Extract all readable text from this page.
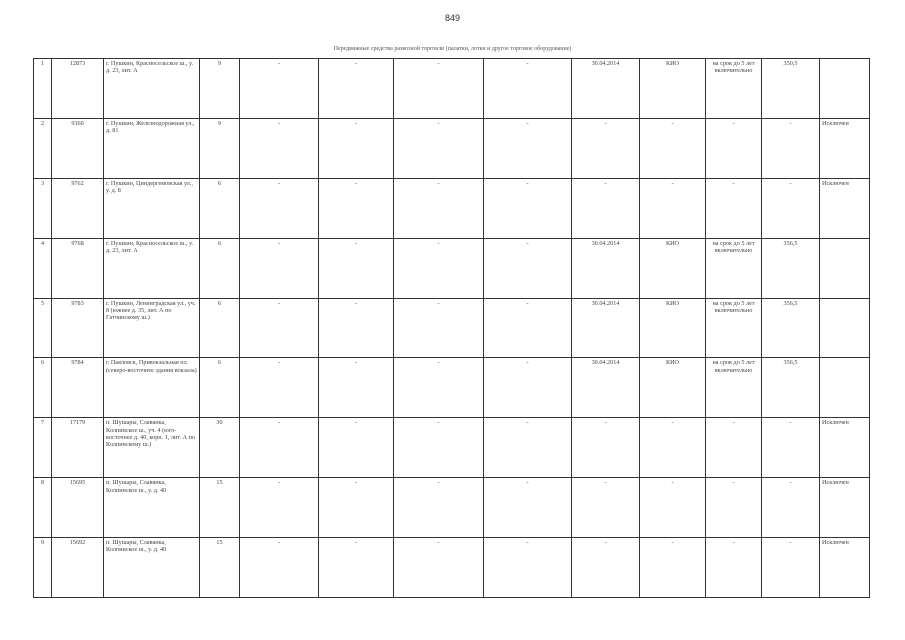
849
Передвижные средства развозной торговли (палатки, лотки и другое торговое оборудование)
1	12873	г. Пушкин, Красносельское ш., у. д. 23, лит. А	9	-	-	-	-	30.04.2014	КИО	на срок до 5 лет включительно	350,5	
2	9360	г. Пушкин, Железнодорожная ул., д. 81	9	-	-	-	-	-	-	-	-	Исключен
3	9762	г. Пушкин, Циндергемовская ул., у. д. 8	6	-	-	-	-	-	-	-	-	Исключен
4	9768	г. Пушкин, Красносельское ш., у. д. 23, лит. А	6	-	-	-	-	30.04.2014	КИО	на срок до 5 лет включительно	356,5	
5	9783	г. Пушкин, Ленинградская ул., уч. 8 (южнее д. 35, лит. А по Гатчинскому ш.)	6	-	-	-	-	30.04.2014	КИО	на срок до 5 лет включительно	356,5	
6	9784	г. Павловск, Привокзальная пл. (северо-восточнее здания вокзала)	6	-	-	-	-	30.04.2014	КИО	на срок до 5 лет включительно	356,5	
7	17179	п. Шушары, Славянка, Колпинское ш., уч. 4 (юго-восточнее д. 40, корп. 1, лит. А по Колпинскому ш.)	30	-	-	-	-	-	-	-	-	Исключен
8	15695	п. Шушары, Славянка, Колпинское ш., у. д. 40	15	-	-	-	-	-	-	-	-	Исключен
9	15692	п. Шушары, Славянка, Колпинское ш., у. д. 40	15	-	-	-	-	-	-	-	-	Исключен
